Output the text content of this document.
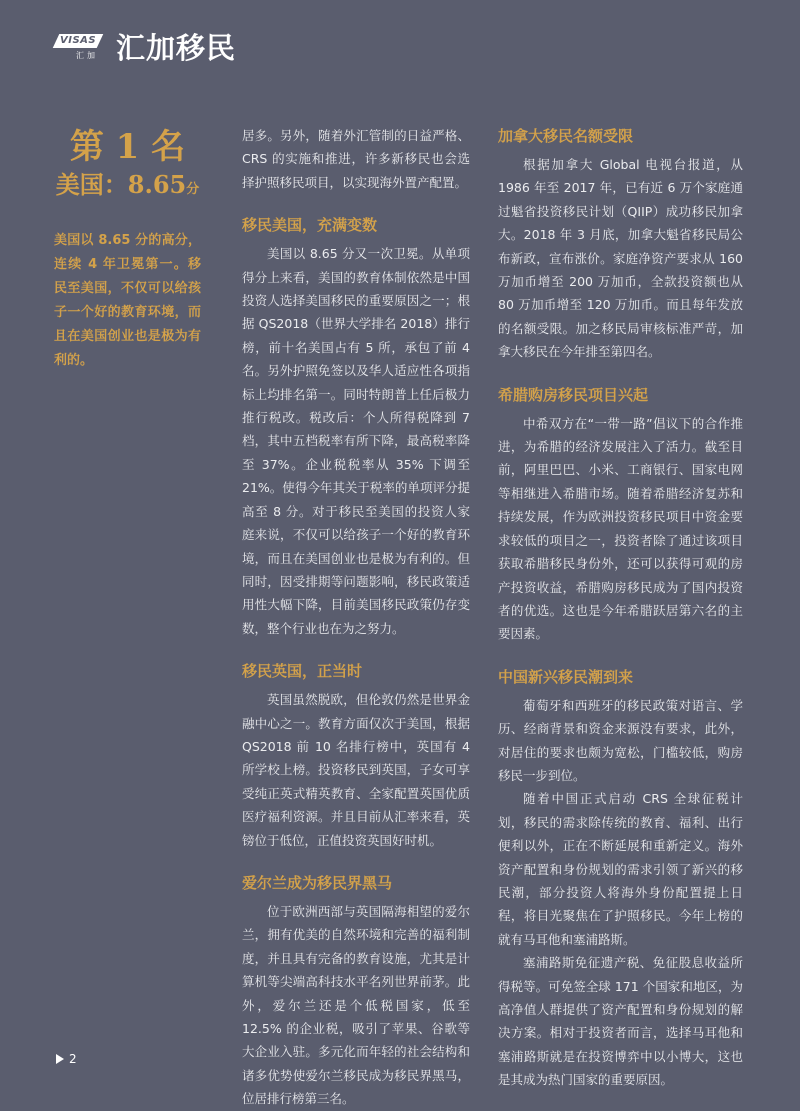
VISAS
汇加 汇加移民
第 1 名
美国：8.65分
美国以 8.65 分的高分，连续 4 年卫冕第一。移民至美国，不仅可以给孩子一个好的教育环境，而且在美国创业也是极为有利的。

居多。另外，随着外汇管制的日益严格、CRS 的实施和推进，许多新移民也会选择护照移民项目，以实现海外置产配置。

移民美国，充满变数

美国以 8.65 分又一次卫冕。从单项得分上来看，美国的教育体制依然是中国投资人选择美国移民的重要原因之一；根据 QS2018（世界大学排名 2018）排行榜，前十名美国占有 5 所，承包了前 4 名。另外护照免签以及华人适应性各项指标上均排名第一。同时特朗普上任后极力推行税改。税改后：个人所得税降到 7 档，其中五档税率有所下降，最高税率降至 37%。企业税税率从 35% 下调至 21%。使得今年其关于税率的单项评分提高至 8 分。对于移民至美国的投资人家庭来说，不仅可以给孩子一个好的教育环境，而且在美国创业也是极为有利的。但同时，因受排期等问题影响，移民政策适用性大幅下降，目前美国移民政策仍存变数，整个行业也在为之努力。

移民英国，正当时

英国虽然脱欧，但伦敦仍然是世界金融中心之一。教育方面仅次于美国，根据 QS2018 前 10 名排行榜中，英国有 4 所学校上榜。投资移民到英国，子女可享受纯正英式精英教育、全家配置英国优质医疗福利资源。并且目前从汇率来看，英镑位于低位，正值投资英国好时机。

爱尔兰成为移民界黑马

位于欧洲西部与英国隔海相望的爱尔兰，拥有优美的自然环境和完善的福利制度，并且具有完备的教育设施，尤其是计算机等尖端高科技水平名列世界前茅。此外，爱尔兰还是个低税国家，低至 12.5% 的企业税，吸引了苹果、谷歌等大企业入驻。多元化而年轻的社会结构和诸多优势使爱尔兰移民成为移民界黑马，位居排行榜第三名。

加拿大移民名额受限

根据加拿大 Global 电视台报道，从 1986 年至 2017 年，已有近 6 万个家庭通过魁省投资移民计划（QIIP）成功移民加拿大。2018 年 3 月底，加拿大魁省移民局公布新政，宣布涨价。家庭净资产要求从 160 万加币增至 200 万加币，全款投资额也从 80 万加币增至 120 万加币。而且每年发放的名额受限。加之移民局审核标准严苛，加拿大移民在今年排至第四名。

希腊购房移民项目兴起

中希双方在“一带一路”倡议下的合作推进，为希腊的经济发展注入了活力。截至目前，阿里巴巴、小米、工商银行、国家电网等相继进入希腊市场。随着希腊经济复苏和持续发展，作为欧洲投资移民项目中资金要求较低的项目之一，投资者除了通过该项目获取希腊移民身份外，还可以获得可观的房产投资收益，希腊购房移民成为了国内投资者的优选。这也是今年希腊跃居第六名的主要因素。

中国新兴移民潮到来

葡萄牙和西班牙的移民政策对语言、学历、经商背景和资金来源没有要求，此外，对居住的要求也颇为宽松，门槛较低，购房移民一步到位。

随着中国正式启动 CRS 全球征税计划，移民的需求除传统的教育、福利、出行便利以外，正在不断延展和重新定义。海外资产配置和身份规划的需求引领了新兴的移民潮，部分投资人将海外身份配置提上日程，将目光聚焦在了护照移民。今年上榜的就有马耳他和塞浦路斯。

塞浦路斯免征遗产税、免征股息收益所得税等。可免签全球 171 个国家和地区，为高净值人群提供了资产配置和身份规划的解决方案。相对于投资者而言，选择马耳他和塞浦路斯就是在投资博弈中以小博大，这也是其成为热门国家的重要原因。

2
